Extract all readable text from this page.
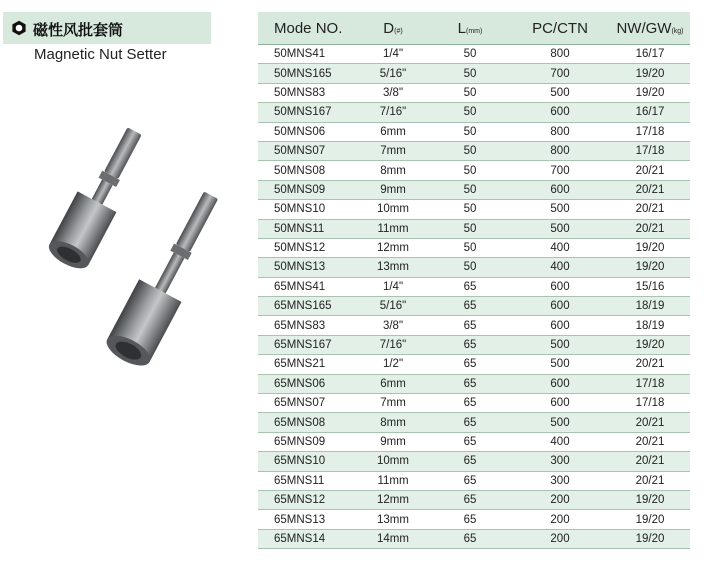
磁性风批套筒
Magnetic Nut Setter
Mode NO.	D(#)	L(mm)	PC/CTN	NW/GW(kg)
50MNS41	1/4"	50	800	16/17
50MNS165	5/16"	50	700	19/20
50MNS83	3/8"	50	500	19/20
50MNS167	7/16"	50	600	16/17
50MNS06	6mm	50	800	17/18
50MNS07	7mm	50	800	17/18
50MNS08	8mm	50	700	20/21
50MNS09	9mm	50	600	20/21
50MNS10	10mm	50	500	20/21
50MNS11	11mm	50	500	20/21
50MNS12	12mm	50	400	19/20
50MNS13	13mm	50	400	19/20
65MNS41	1/4"	65	600	15/16
65MNS165	5/16"	65	600	18/19
65MNS83	3/8"	65	600	18/19
65MNS167	7/16"	65	500	19/20
65MNS21	1/2"	65	500	20/21
65MNS06	6mm	65	600	17/18
65MNS07	7mm	65	600	17/18
65MNS08	8mm	65	500	20/21
65MNS09	9mm	65	400	20/21
65MNS10	10mm	65	300	20/21
65MNS11	11mm	65	300	20/21
65MNS12	12mm	65	200	19/20
65MNS13	13mm	65	200	19/20
65MNS14	14mm	65	200	19/20
